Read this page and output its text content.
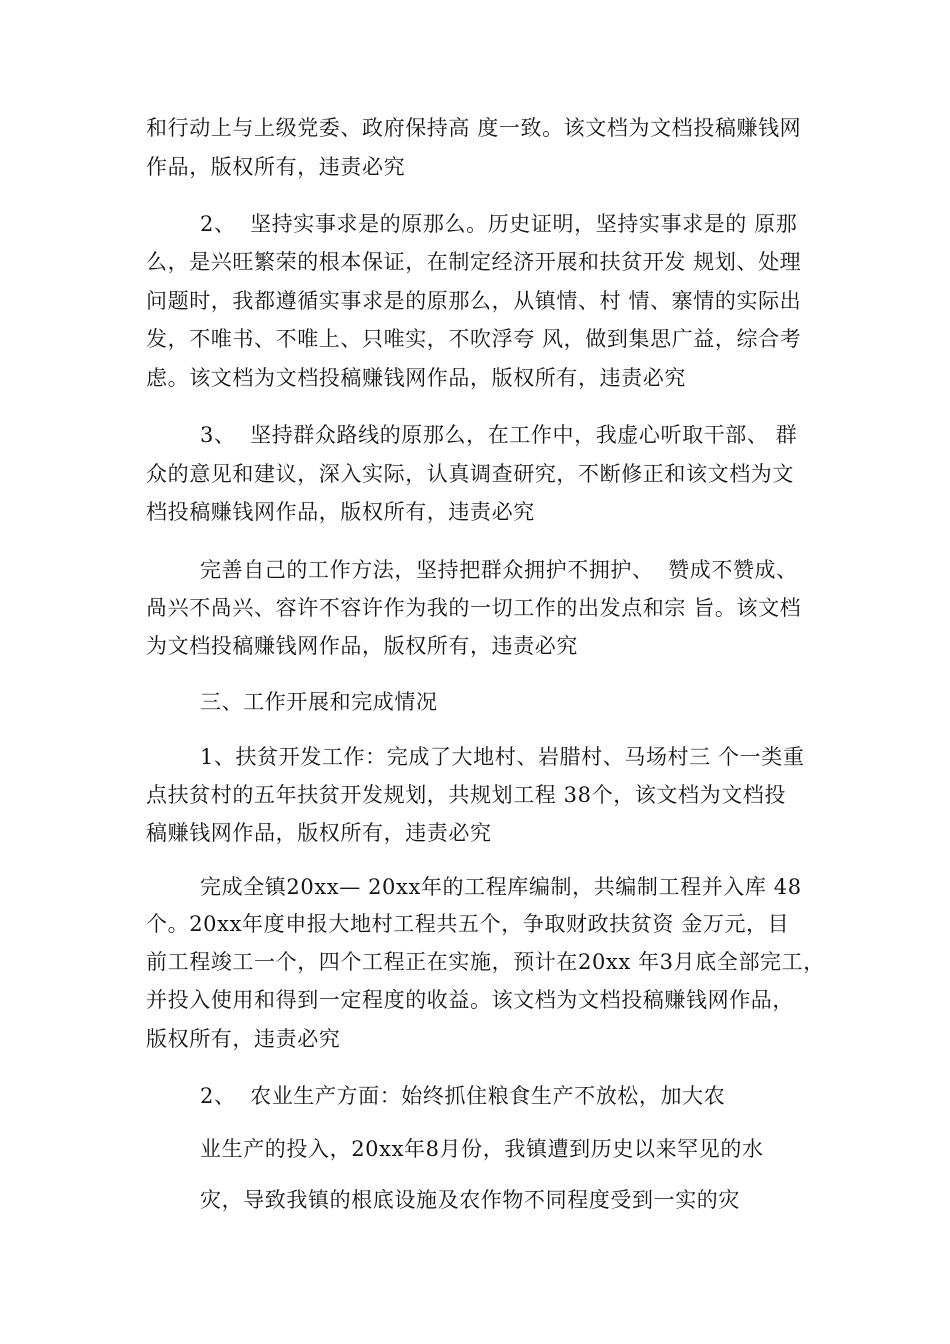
和行动上与上级党委、政府保持高 度一致。该文档为文档投稿赚钱网
作品，版权所有，违责必究
2、  坚持实事求是的原那么。历史证明，坚持实事求是的 原那
么，是兴旺繁荣的根本保证，在制定经济开展和扶贫开发 规划、处理
问题时，我都遵循实事求是的原那么，从镇情、村 情、寨情的实际出
发，不唯书、不唯上、只唯实，不吹浮夸 风，做到集思广益，综合考
虑。该文档为文档投稿赚钱网作品，版权所有，违责必究
3、  坚持群众路线的原那么，在工作中，我虚心听取干部、 群
众的意见和建议，深入实际，认真调查研究，不断修正和该文档为文
档投稿赚钱网作品，版权所有，违责必究
完善自己的工作方法，坚持把群众拥护不拥护、  赞成不赞成、
咼兴不咼兴、容许不容许作为我的一切工作的出发点和宗 旨。该文档
为文档投稿赚钱网作品，版权所有，违责必究
三、工作开展和完成情况
1、扶贫开发工作：完成了大地村、岩腊村、马场村三 个一类重
点扶贫村的五年扶贫开发规划，共规划工程 38个，该文档为文档投
稿赚钱网作品，版权所有，违责必究
完成全镇20xx— 20xx年的工程库编制，共编制工程并入库 48
个。20xx年度申报大地村工程共五个，争取财政扶贫资 金万元，目
前工程竣工一个，四个工程正在实施，预计在20xx 年3月底全部完工，
并投入使用和得到一定程度的收益。该文档为文档投稿赚钱网作品，
版权所有，违责必究
2、  农业生产方面：始终抓住粮食生产不放松，加大农
业生产的投入，20xx年8月份，我镇遭到历史以来罕见的水
灾，导致我镇的根底设施及农作物不同程度受到一实的灾
